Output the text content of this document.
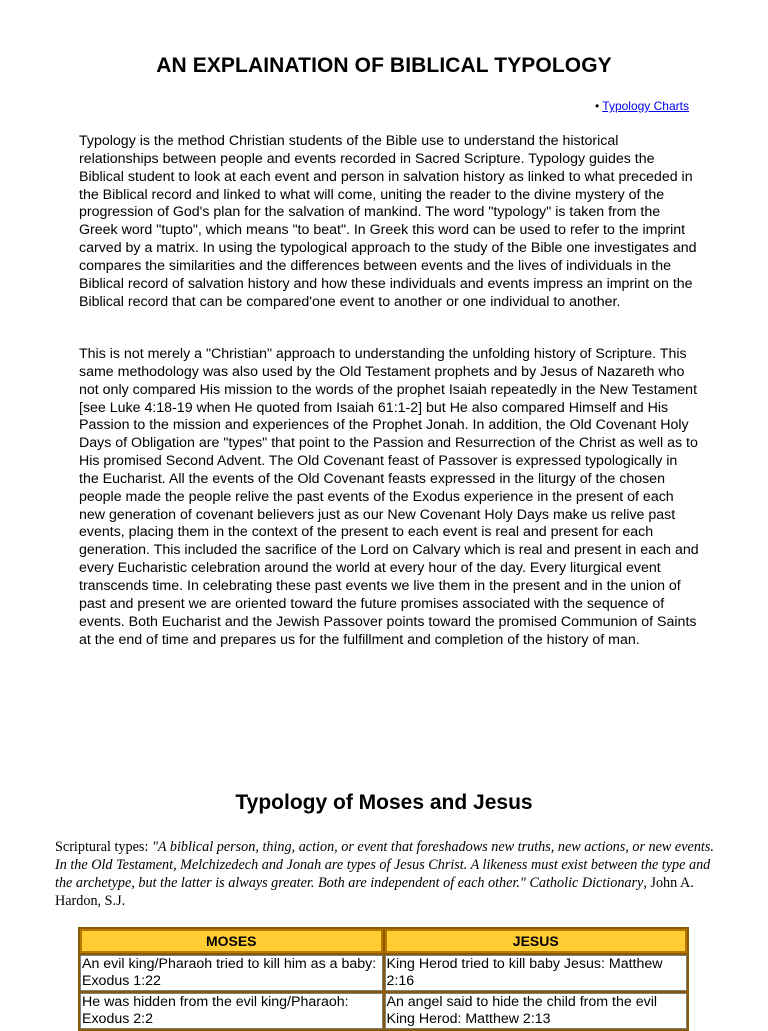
AN EXPLAINATION OF BIBLICAL TYPOLOGY
• Typology Charts

Typology is the method Christian students of the Bible use to understand the historical relationships between people and events recorded in Sacred Scripture. Typology guides the Biblical student to look at each event and person in salvation history as linked to what preceded in the Biblical record and linked to what will come, uniting the reader to the divine mystery of the progression of God's plan for the salvation of mankind. The word "typology" is taken from the Greek word "tupto", which means "to beat". In Greek this word can be used to refer to the imprint carved by a matrix. In using the typological approach to the study of the Bible one investigates and compares the similarities and the differences between events and the lives of individuals in the Biblical record of salvation history and how these individuals and events impress an imprint on the Biblical record that can be compared'one event to another or one individual to another.

This is not merely a "Christian" approach to understanding the unfolding history of Scripture. This same methodology was also used by the Old Testament prophets and by Jesus of Nazareth who not only compared His mission to the words of the prophet Isaiah repeatedly in the New Testament [see Luke 4:18-19 when He quoted from Isaiah 61:1-2] but He also compared Himself and His Passion to the mission and experiences of the Prophet Jonah. In addition, the Old Covenant Holy Days of Obligation are "types" that point to the Passion and Resurrection of the Christ as well as to His promised Second Advent. The Old Covenant feast of Passover is expressed typologically in the Eucharist. All the events of the Old Covenant feasts expressed in the liturgy of the chosen people made the people relive the past events of the Exodus experience in the present of each new generation of covenant believers just as our New Covenant Holy Days make us relive past events, placing them in the context of the present to each event is real and present for each generation. This included the sacrifice of the Lord on Calvary which is real and present in each and every Eucharistic celebration around the world at every hour of the day. Every liturgical event transcends time. In celebrating these past events we live them in the present and in the union of past and present we are oriented toward the future promises associated with the sequence of events. Both Eucharist and the Jewish Passover points toward the promised Communion of Saints at the end of time and prepares us for the fulfillment and completion of the history of man.

Typology of Moses and Jesus

Scriptural types: "A biblical person, thing, action, or event that foreshadows new truths, new actions, or new events. In the Old Testament, Melchizedech and Jonah are types of Jesus Christ. A likeness must exist between the type and the archetype, but the latter is always greater. Both are independent of each other." Catholic Dictionary, John A. Hardon, S.J.

MOSES	JESUS
An evil king/Pharaoh tried to kill him as a baby: Exodus 1:22	King Herod tried to kill baby Jesus: Matthew 2:16
He was hidden from the evil king/Pharaoh: Exodus 2:2	An angel said to hide the child from the evil King Herod: Matthew 2:13
